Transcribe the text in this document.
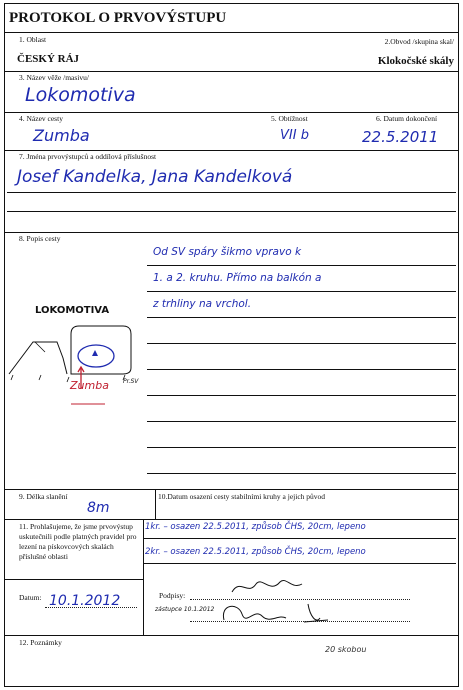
PROTOKOL O PRVOVÝSTUPU
1. Oblast	2.Obvod /skupina skal/
ČESKÝ RÁJ	Klokočské skály
3. Název věže /masivu/
Lokomotiva
4. Název cesty	5. Obtížnost	6. Datum dokončení
Zumba	VII b	22.5.2011
7. Jména prvovýstupců a oddílová příslušnost
Josef Kandelka, Jana Kandelková
8. Popis cesty
Od SV spáry šikmo vpravo k
1. a 2. kruhu. Přímo na balkón a
z trhliny na vrchol.
LOKOMOTIVA
Zumba Pr.SV
9. Délka slanění
8m
10.Datum osazení cesty stabilními kruhy a jejich původ
11. Prohlašujeme, že jsme prvovýstup uskutečnili podle platných pravidel pro lezení na pískovcových skalách příslušné oblasti
1kr. – osazen 22.5.2011, způsob ČHS, 20cm, lepeno
2kr. – osazen 22.5.2011, způsob ČHS, 20cm, lepeno
Datum: 10.1.2012	Podpisy:
zástupce 10.1.2012
12. Poznámky
20 skobou
